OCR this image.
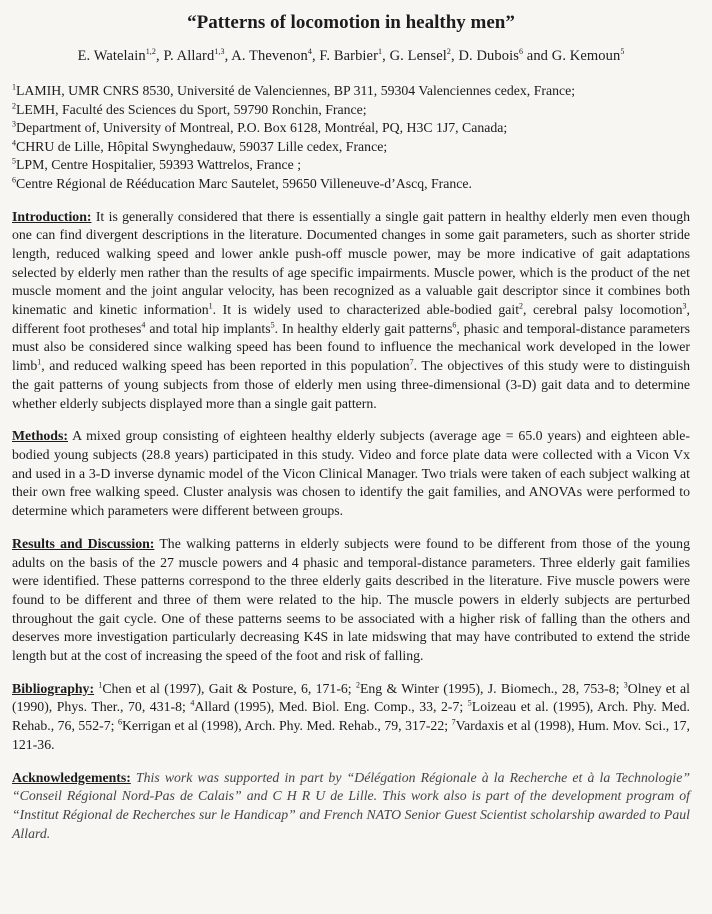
“Patterns of locomotion in healthy men”
E. Watelain$^{1,2}$, P. Allard$^{1,3}$, A. Thevenon$^4$, F. Barbier$^1$, G. Lensel$^2$, D. Dubois$^6$ and G. Kemoun$^5$
$^1$LAMIH, UMR CNRS 8530, Université de Valenciennes, BP 311, 59304 Valenciennes cedex, France;
$^2$LEMH, Faculté des Sciences du Sport, 59790 Ronchin, France;
$^3$Department of, University of Montreal, P.O. Box 6128, Montréal, PQ, H3C 1J7, Canada;
$^4$CHRU de Lille, Hôpital Swynghedauw, 59037 Lille cedex, France;
$^5$LPM, Centre Hospitalier, 59393 Wattrelos, France ;
$^6$Centre Régional de Rééducation Marc Sautelet, 59650 Villeneuve-d’Ascq, France.

Introduction: It is generally considered that there is essentially a single gait pattern in healthy elderly men even though one can find divergent descriptions in the literature. Documented changes in some gait parameters, such as shorter stride length, reduced walking speed and lower ankle push-off muscle power, may be more indicative of gait adaptations selected by elderly men rather than the results of age specific impairments. Muscle power, which is the product of the net muscle moment and the joint angular velocity, has been recognized as a valuable gait descriptor since it combines both kinematic and kinetic information$^1$. It is widely used to characterized able-bodied gait$^2$, cerebral palsy locomotion$^3$, different foot protheses$^4$ and total hip implants$^5$. In healthy elderly gait patterns$^6$, phasic and temporal-distance parameters must also be considered since walking speed has been found to influence the mechanical work developed in the lower limb$^1$, and reduced walking speed has been reported in this population$^7$. The objectives of this study were to distinguish the gait patterns of young subjects from those of elderly men using three-dimensional (3-D) gait data and to determine whether elderly subjects displayed more than a single gait pattern.

Methods: A mixed group consisting of eighteen healthy elderly subjects (average age = 65.0 years) and eighteen able-bodied young subjects (28.8 years) participated in this study. Video and force plate data were collected with a Vicon Vx and used in a 3-D inverse dynamic model of the Vicon Clinical Manager. Two trials were taken of each subject walking at their own free walking speed. Cluster analysis was chosen to identify the gait families, and ANOVAs were performed to determine which parameters were different between groups.

Results and Discussion: The walking patterns in elderly subjects were found to be different from those of the young adults on the basis of the 27 muscle powers and 4 phasic and temporal-distance parameters. Three elderly gait families were identified. These patterns correspond to the three elderly gaits described in the literature. Five muscle powers were found to be different and three of them were related to the hip. The muscle powers in elderly subjects are perturbed throughout the gait cycle. One of these patterns seems to be associated with a higher risk of falling than the others and deserves more investigation particularly decreasing K4S in late midswing that may have contributed to extend the stride length but at the cost of increasing the speed of the foot and risk of falling.

Bibliography: $^1$Chen et al (1997), Gait & Posture, 6, 171-6; $^2$Eng & Winter (1995), J. Biomech., 28, 753-8; $^3$Olney et al (1990), Phys. Ther., 70, 431-8; $^4$Allard (1995), Med. Biol. Eng. Comp., 33, 2-7; $^5$Loizeau et al. (1995), Arch. Phy. Med. Rehab., 76, 552-7; $^6$Kerrigan et al (1998), Arch. Phy. Med. Rehab., 79, 317-22; $^7$Vardaxis et al (1998), Hum. Mov. Sci., 17, 121-36.

Acknowledgements: This work was supported in part by “Délégation Régionale à la Recherche et à la Technologie” “Conseil Régional Nord-Pas de Calais” and C H R U de Lille. This work also is part of the development program of “Institut Régional de Recherches sur le Handicap” and French NATO Senior Guest Scientist scholarship awarded to Paul Allard.
